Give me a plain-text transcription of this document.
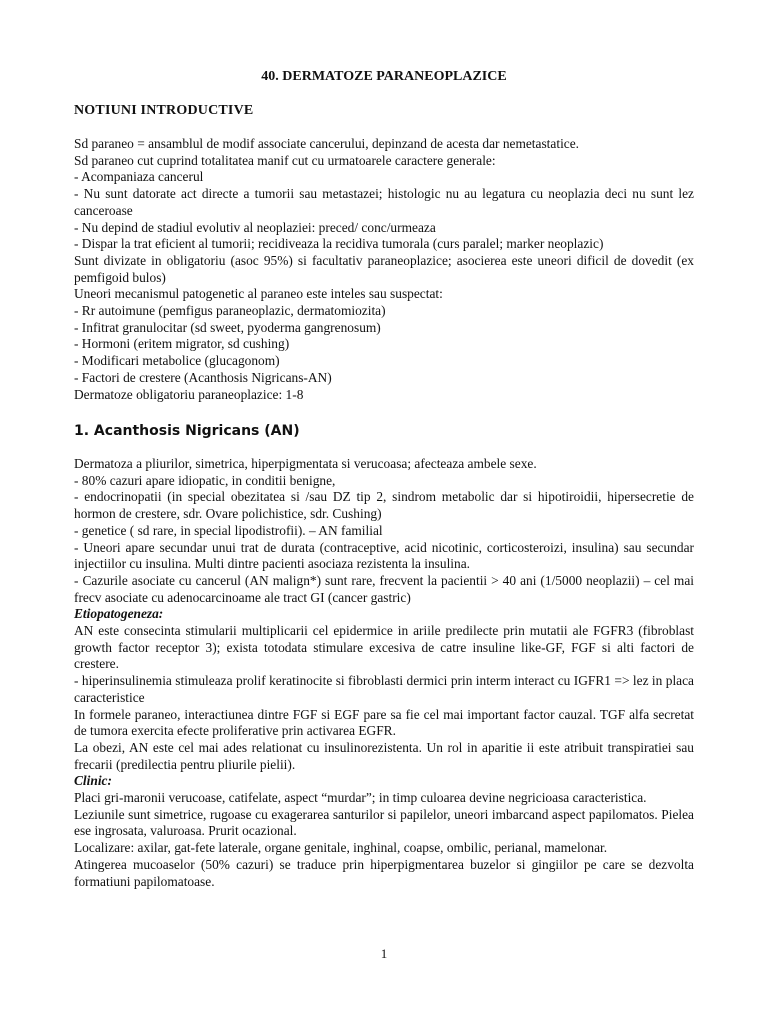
40. DERMATOZE PARANEOPLAZICE
NOTIUNI INTRODUCTIVE

Sd paraneo = ansamblul de modif associate cancerului, depinzand de acesta dar nemetastatice.

Sd paraneo cut cuprind totalitatea manif cut cu urmatoarele caractere generale:

- Acompaniaza cancerul

- Nu sunt datorate act directe a tumorii sau metastazei; histologic nu au legatura cu neoplazia deci nu sunt lez canceroase

- Nu depind de stadiul evolutiv al neoplaziei: preced/ conc/urmeaza

- Dispar la trat eficient al tumorii; recidiveaza la recidiva tumorala (curs paralel; marker neoplazic)

Sunt divizate in obligatoriu (asoc 95%) si facultativ paraneoplazice; asocierea este uneori dificil de dovedit (ex pemfigoid bulos)

Uneori mecanismul patogenetic al paraneo este inteles sau suspectat:

- Rr autoimune (pemfigus paraneoplazic, dermatomiozita)

- Infitrat granulocitar (sd sweet, pyoderma gangrenosum)

- Hormoni (eritem migrator, sd cushing)

- Modificari metabolice (glucagonom)

- Factori de crestere (Acanthosis Nigricans-AN)

Dermatoze obligatoriu paraneoplazice: 1-8

1. Acanthosis Nigricans (AN)

Dermatoza a pliurilor, simetrica, hiperpigmentata si verucoasa; afecteaza ambele sexe.

- 80% cazuri apare idiopatic, in conditii benigne,

- endocrinopatii (in special obezitatea si /sau DZ tip 2, sindrom metabolic dar si hipotiroidii, hipersecretie de hormon de crestere, sdr. Ovare polichistice, sdr. Cushing)

- genetice ( sd rare, in special lipodistrofii). – AN familial

- Uneori apare secundar unui trat de durata (contraceptive, acid nicotinic, corticosteroizi, insulina) sau secundar injectiilor cu insulina. Multi dintre pacienti asociaza rezistenta la insulina.

- Cazurile asociate cu cancerul (AN malign*) sunt rare, frecvent la pacientii > 40 ani (1/5000 neoplazii) – cel mai frecv asociate cu adenocarcinoame ale tract GI (cancer gastric)

Etiopatogeneza:

AN este consecinta stimularii multiplicarii cel epidermice in ariile predilecte prin mutatii ale FGFR3 (fibroblast growth factor receptor 3); exista totodata stimulare excesiva de catre insuline like-GF, FGF si alti factori de crestere.

- hiperinsulinemia stimuleaza prolif keratinocite si fibroblasti dermici prin interm interact cu IGFR1 => lez in placa caracteristice

In formele paraneo, interactiunea dintre FGF si EGF pare sa fie cel mai important factor cauzal. TGF alfa secretat de tumora exercita efecte proliferative prin activarea EGFR.

La obezi, AN este cel mai ades relationat cu insulinorezistenta. Un rol in aparitie ii este atribuit transpiratiei sau frecarii (predilectia pentru pliurile pielii).

Clinic:

Placi gri-maronii verucoase, catifelate, aspect “murdar”; in timp culoarea devine negricioasa caracteristica.

Leziunile sunt simetrice, rugoase cu exagerarea santurilor si papilelor, uneori imbarcand aspect papilomatos. Pielea ese ingrosata, valuroasa. Prurit ocazional.

Localizare: axilar, gat-fete laterale, organe genitale, inghinal, coapse, ombilic, perianal, mamelonar.

Atingerea mucoaselor (50% cazuri) se traduce prin hiperpigmentarea buzelor si gingiilor pe care se dezvolta formatiuni papilomatoase.

1
